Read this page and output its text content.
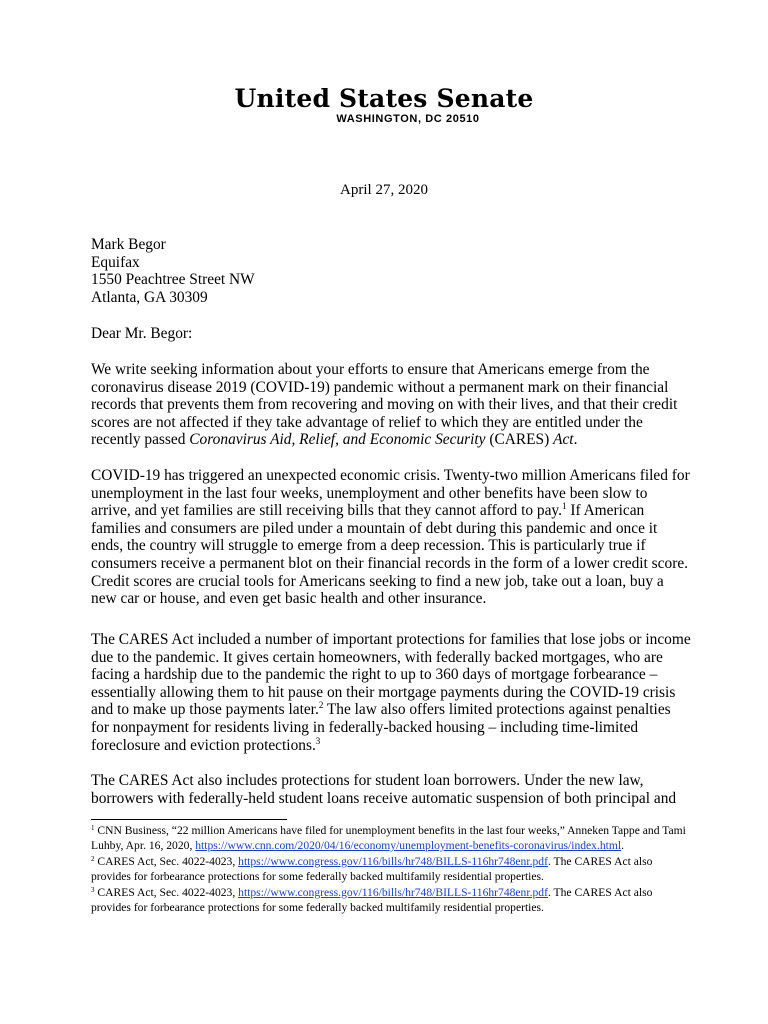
United States Senate
WASHINGTON, DC 20510
April 27, 2020
Mark Begor
Equifax
1550 Peachtree Street NW
Atlanta, GA 30309
Dear Mr. Begor:
We write seeking information about your efforts to ensure that Americans emerge from the coronavirus disease 2019 (COVID-19) pandemic without a permanent mark on their financial records that prevents them from recovering and moving on with their lives, and that their credit scores are not affected if they take advantage of relief to which they are entitled under the recently passed Coronavirus Aid, Relief, and Economic Security (CARES) Act.
COVID-19 has triggered an unexpected economic crisis. Twenty-two million Americans filed for unemployment in the last four weeks, unemployment and other benefits have been slow to arrive, and yet families are still receiving bills that they cannot afford to pay.$^1$ If American families and consumers are piled under a mountain of debt during this pandemic and once it ends, the country will struggle to emerge from a deep recession. This is particularly true if consumers receive a permanent blot on their financial records in the form of a lower credit score. Credit scores are crucial tools for Americans seeking to find a new job, take out a loan, buy a new car or house, and even get basic health and other insurance.
The CARES Act included a number of important protections for families that lose jobs or income due to the pandemic. It gives certain homeowners, with federally backed mortgages, who are facing a hardship due to the pandemic the right to up to 360 days of mortgage forbearance – essentially allowing them to hit pause on their mortgage payments during the COVID-19 crisis and to make up those payments later.$^2$ The law also offers limited protections against penalties for nonpayment for residents living in federally-backed housing – including time-limited foreclosure and eviction protections.$^3$
The CARES Act also includes protections for student loan borrowers. Under the new law, borrowers with federally-held student loans receive automatic suspension of both principal and

$^1$ CNN Business, “22 million Americans have filed for unemployment benefits in the last four weeks,” Anneken Tappe and Tami Luhby, Apr. 16, 2020, https://www.cnn.com/2020/04/16/economy/unemployment-benefits-coronavirus/index.html.

$^2$ CARES Act, Sec. 4022-4023, https://www.congress.gov/116/bills/hr748/BILLS-116hr748enr.pdf. The CARES Act also provides for forbearance protections for some federally backed multifamily residential properties.

$^3$ CARES Act, Sec. 4022-4023, https://www.congress.gov/116/bills/hr748/BILLS-116hr748enr.pdf. The CARES Act also provides for forbearance protections for some federally backed multifamily residential properties.
